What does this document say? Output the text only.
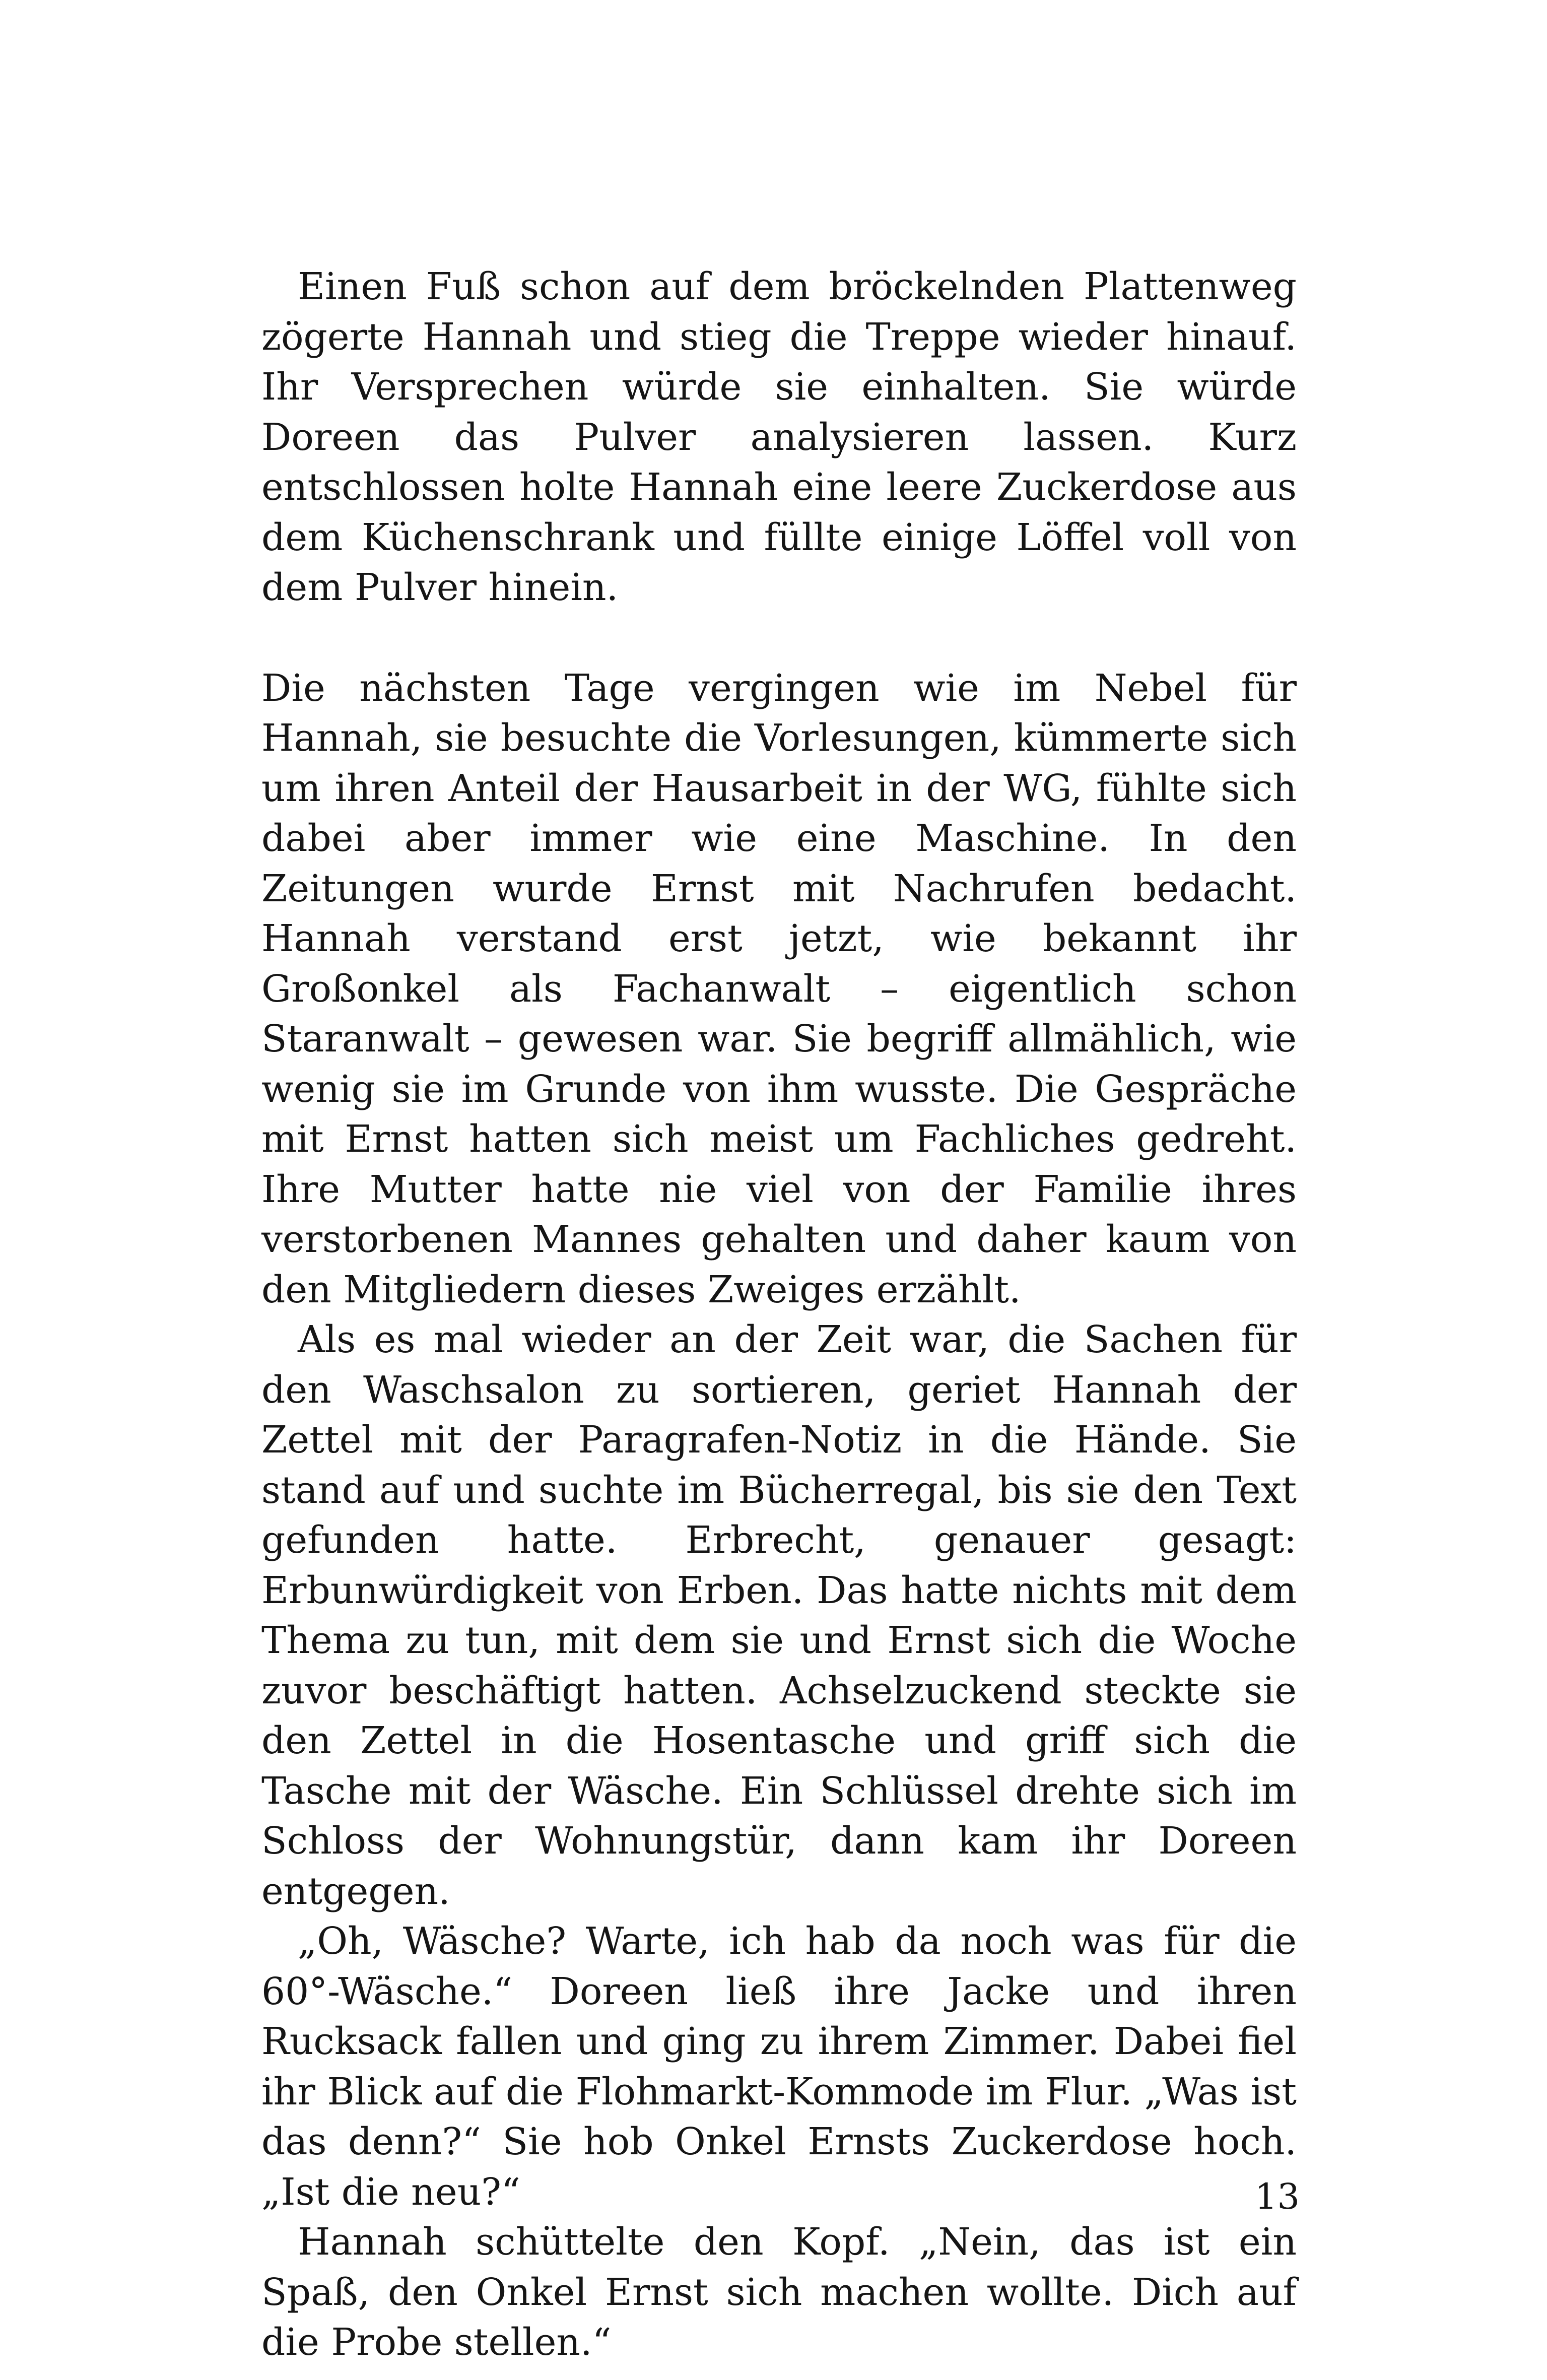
Einen Fuß schon auf dem bröckelnden Plattenweg zögerte Hannah und stieg die Treppe wieder hinauf. Ihr Versprechen würde sie einhalten. Sie würde Doreen das Pulver analysieren lassen. Kurz entschlossen holte Hannah eine leere Zuckerdose aus dem Küchenschrank und füllte einige Löffel voll von dem Pulver hinein.

Die nächsten Tage vergingen wie im Nebel für Hannah, sie besuchte die Vorlesungen, kümmerte sich um ihren Anteil der Hausarbeit in der WG, fühlte sich dabei aber immer wie eine Maschine. In den Zeitungen wurde Ernst mit Nachrufen bedacht. Hannah verstand erst jetzt, wie bekannt ihr Großonkel als Fachanwalt – eigentlich schon Staranwalt – gewesen war. Sie begriff allmählich, wie wenig sie im Grunde von ihm wusste. Die Gespräche mit Ernst hatten sich meist um Fachliches gedreht. Ihre Mutter hatte nie viel von der Familie ihres verstorbenen Mannes gehalten und daher kaum von den Mitgliedern dieses Zweiges erzählt.

Als es mal wieder an der Zeit war, die Sachen für den Waschsalon zu sortieren, geriet Hannah der Zettel mit der Paragrafen-Notiz in die Hände. Sie stand auf und suchte im Bücherregal, bis sie den Text gefunden hatte. Erbrecht, genauer gesagt: Erbunwürdigkeit von Erben. Das hatte nichts mit dem Thema zu tun, mit dem sie und Ernst sich die Woche zuvor beschäftigt hatten. Achselzuckend steckte sie den Zettel in die Hosentasche und griff sich die Tasche mit der Wäsche. Ein Schlüssel drehte sich im Schloss der Wohnungstür, dann kam ihr Doreen entgegen.

„Oh, Wäsche? Warte, ich hab da noch was für die 60°-Wäsche.“ Doreen ließ ihre Jacke und ihren Rucksack fallen und ging zu ihrem Zimmer. Dabei fiel ihr Blick auf die Flohmarkt-Kommode im Flur. „Was ist das denn?“ Sie hob Onkel Ernsts Zuckerdose hoch. „Ist die neu?“

Hannah schüttelte den Kopf. „Nein, das ist ein Spaß, den Onkel Ernst sich machen wollte. Dich auf die Probe stellen.“

13
